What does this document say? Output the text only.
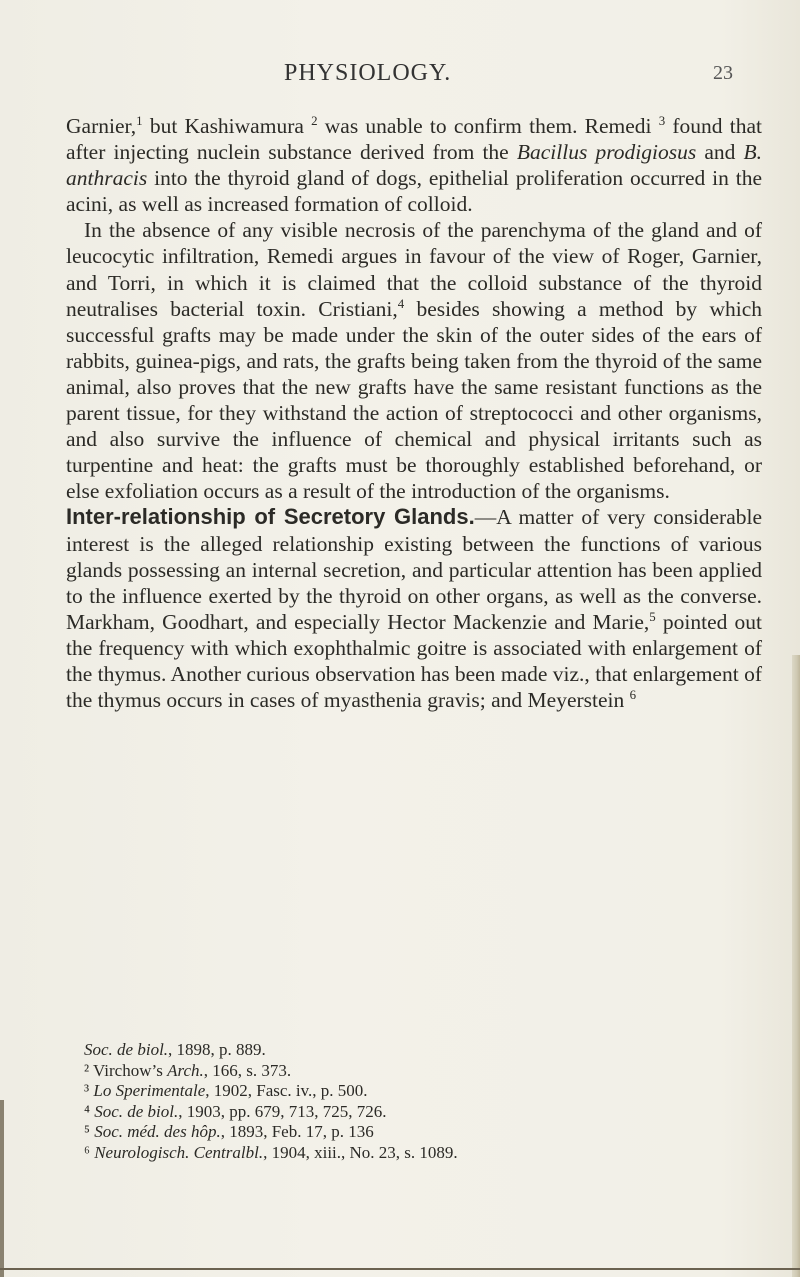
PHYSIOLOGY.	23

Garnier,$^1$ but Kashiwamura $^2$ was unable to confirm them. Remedi $^3$ found that after injecting nuclein substance derived from the Bacillus prodigiosus and B. anthracis into the thyroid gland of dogs, epithelial proliferation occurred in the acini, as well as increased formation of colloid.

In the absence of any visible necrosis of the parenchyma of the gland and of leucocytic infiltration, Remedi argues in favour of the view of Roger, Garnier, and Torri, in which it is claimed that the colloid substance of the thyroid neutralises bacterial toxin. Cristiani,$^4$ besides showing a method by which successful grafts may be made under the skin of the outer sides of the ears of rabbits, guinea-pigs, and rats, the grafts being taken from the thyroid of the same animal, also proves that the new grafts have the same resistant functions as the parent tissue, for they withstand the action of streptococci and other organisms, and also survive the influence of chemical and physical irritants such as turpentine and heat: the grafts must be thoroughly established beforehand, or else exfoliation occurs as a result of the introduction of the organisms.

Inter-relationship of Secretory Glands.—A matter of very considerable interest is the alleged relationship existing between the functions of various glands possessing an internal secretion, and particular attention has been applied to the influence exerted by the thyroid on other organs, as well as the converse. Markham, Goodhart, and especially Hector Mackenzie and Marie,$^5$ pointed out the frequency with which exophthalmic goitre is associated with enlargement of the thymus. Another curious observation has been made viz., that enlargement of the thymus occurs in cases of myasthenia gravis; and Meyerstein $^6$

Soc. de biol., 1898, p. 889.

² Virchow’s Arch., 166, s. 373.

³ Lo Sperimentale, 1902, Fasc. iv., p. 500.

⁴ Soc. de biol., 1903, pp. 679, 713, 725, 726.

⁵ Soc. méd. des hôp., 1893, Feb. 17, p. 136

⁶ Neurologisch. Centralbl., 1904, xiii., No. 23, s. 1089.
